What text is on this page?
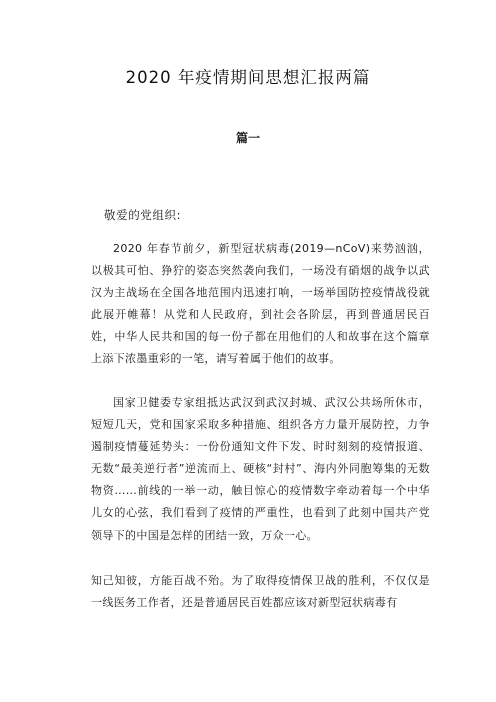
2020 年疫情期间思想汇报两篇
篇一
敬爱的党组织:

2020 年春节前夕，新型冠状病毒(2019—nCoV)来势汹汹，以极其可怕、狰狞的姿态突然袭向我们，一场没有硝烟的战争以武汉为主战场在全国各地范围内迅速打响，一场举国防控疫情战役就此展开帷幕！从党和人民政府，到社会各阶层，再到普通居民百姓，中华人民共和国的每一份子都在用他们的人和故事在这个篇章上添下浓墨重彩的一笔，请写着属于他们的故事。

国家卫健委专家组抵达武汉到武汉封城、武汉公共场所休市，短短几天，党和国家采取多种措施、组织各方力量开展防控，力争遏制疫情蔓延势头：一份份通知文件下发、时时刻刻的疫情报道、无数“最美逆行者”逆流而上、硬核“封村”、海内外同胞筹集的无数物资……前线的一举一动，触目惊心的疫情数字牵动着每一个中华儿女的心弦，我们看到了疫情的严重性，也看到了此刻中国共产党领导下的中国是怎样的团结一致，万众一心。

知己知彼，方能百战不殆。为了取得疫情保卫战的胜利，不仅仅是一线医务工作者，还是普通居民百姓都应该对新型冠状病毒有
